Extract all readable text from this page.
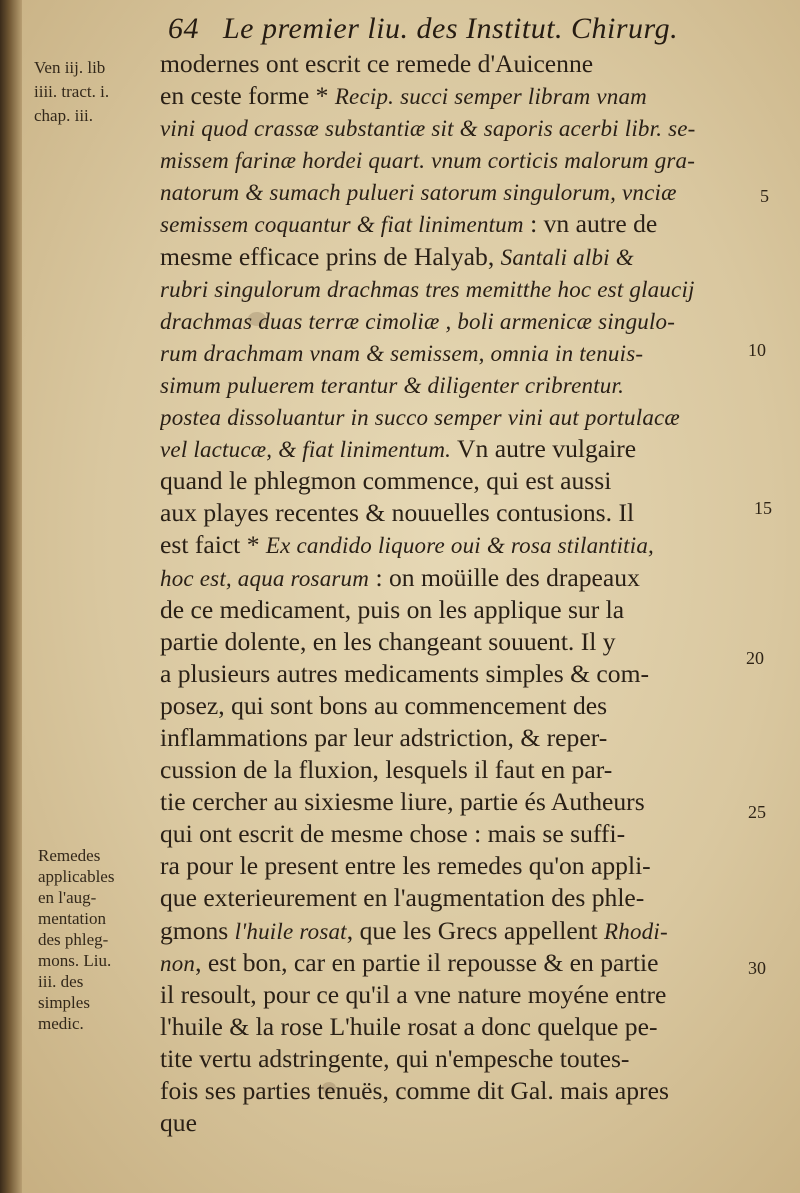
64 Le premier liu. des Institut. Chirurg.
Ven iij. lib
iiii. tract. i.
chap. iii.
modernes ont escrit ce remede d'Auicenne
en ceste forme * Recip. succi semper libram vnam
vini quod crassæ substantiæ sit & saporis acerbi libr. se-
missem farinæ hordei quart. vnum corticis malorum gra-
natorum & sumach pulueri satorum singulorum, vnciæ
semissem coquantur & fiat linimentum : vn autre de
mesme efficace prins de Halyab, Santali albi &
rubri singulorum drachmas tres memitthe hoc est glaucij
drachmas duas terræ cimoliæ , boli armenicæ singulo-
rum drachmam vnam & semissem, omnia in tenuis-
simum puluerem terantur & diligenter cribrentur.
postea dissoluantur in succo semper vini aut portulacæ
vel lactucæ, & fiat linimentum. Vn autre vulgaire
quand le phlegmon commence, qui est aussi
aux playes recentes & nouuelles contusions. Il
est faict * Ex candido liquore oui & rosa stilantitia,
hoc est, aqua rosarum : on moüille des drapeaux
de ce medicament, puis on les applique sur la
partie dolente, en les changeant souuent. Il y
a plusieurs autres medicaments simples & com-
posez, qui sont bons au commencement des
inflammations par leur adstriction, & reper-
cussion de la fluxion, lesquels il faut en par-
tie cercher au sixiesme liure, partie és Autheurs
qui ont escrit de mesme chose : mais se suffi-
ra pour le present entre les remedes qu'on appli-
que exterieurement en l'augmentation des phle-
gmons l'huile rosat, que les Grecs appellent Rhodi-
non, est bon, car en partie il repousse & en partie
il resoult, pour ce qu'il a vne nature moyéne entre
l'huile & la rose L'huile rosat a donc quelque pe-
tite vertu adstringente, qui n'empesche toutes-
fois ses parties tenuës, comme dit Gal. mais apres
que
Remedes
applicables
en l'aug-
mentation
des phleg-
mons. Liu.
iii. des
simples
medic.
5
10
15
20
25
30
